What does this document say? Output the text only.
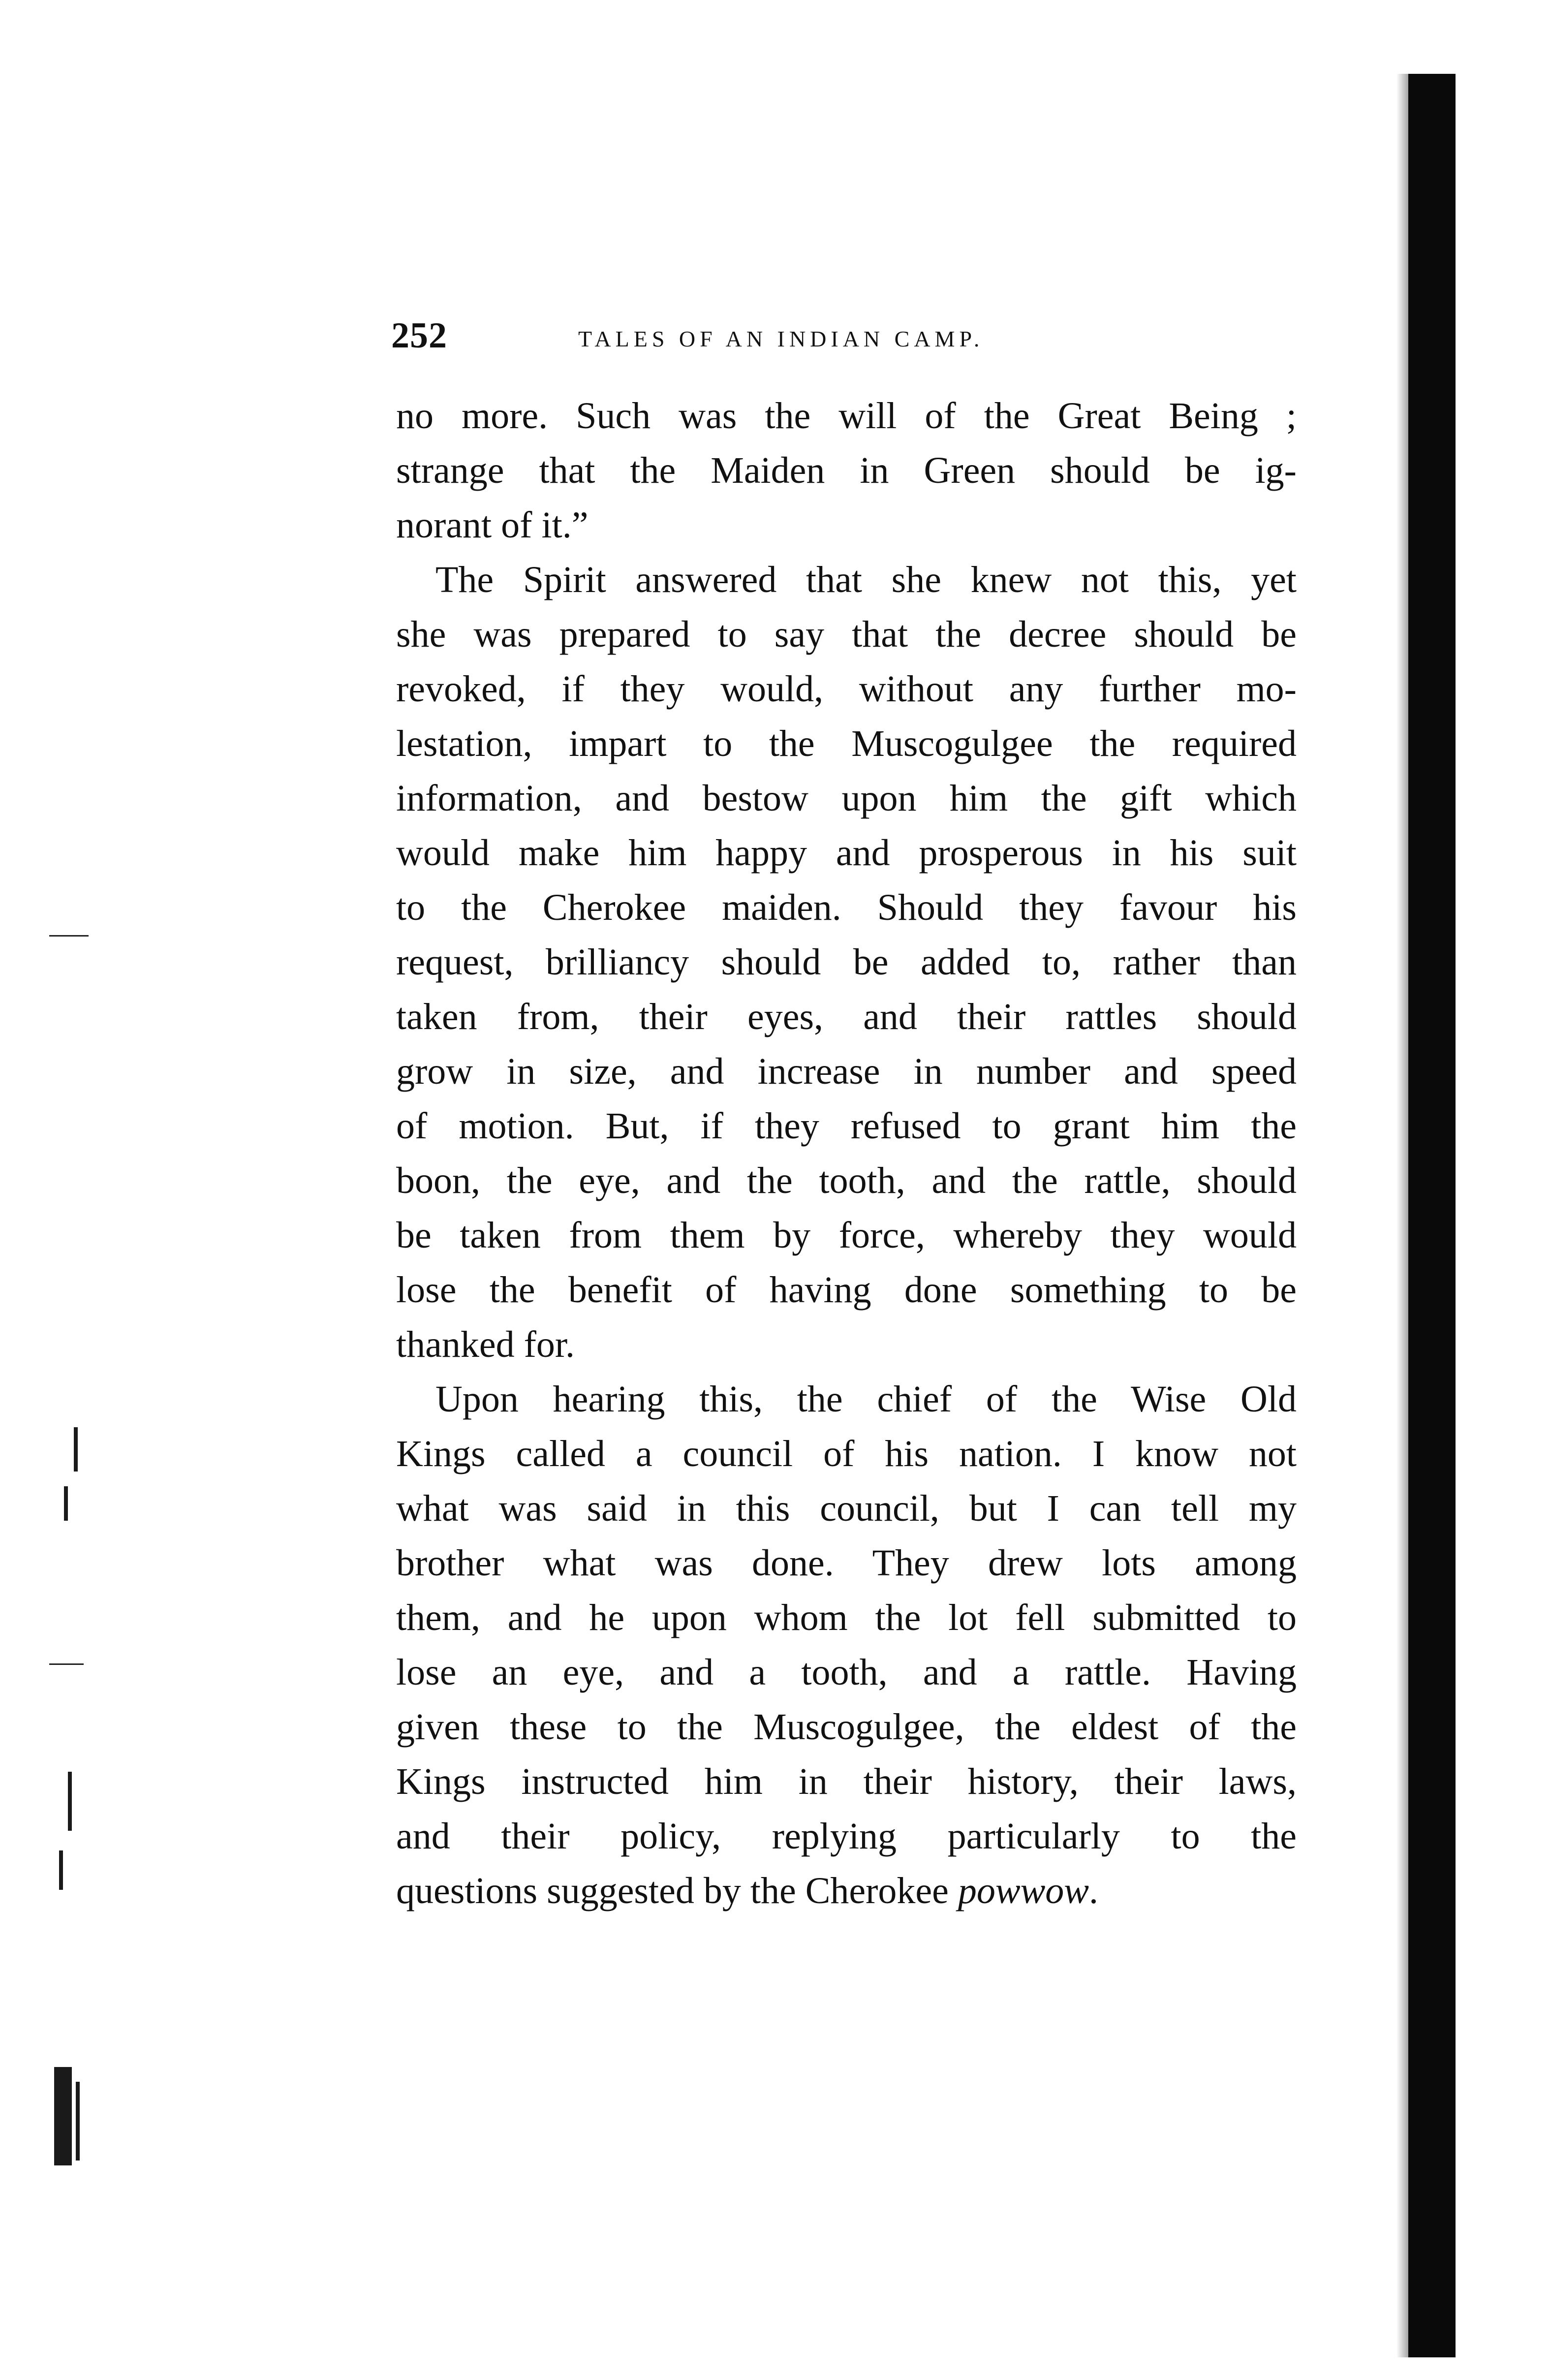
252	TALES OF AN INDIAN CAMP.
no more. Such was the will of the Great Being ;
strange that the Maiden in Green should be ig-
norant of it.”
The Spirit answered that she knew not this, yet
she was prepared to say that the decree should be
revoked, if they would, without any further mo-
lestation, impart to the Muscogulgee the required
information, and bestow upon him the gift which
would make him happy and prosperous in his suit
to the Cherokee maiden. Should they favour his
request, brilliancy should be added to, rather than
taken from, their eyes, and their rattles should
grow in size, and increase in number and speed
of motion. But, if they refused to grant him the
boon, the eye, and the tooth, and the rattle, should
be taken from them by force, whereby they would
lose the benefit of having done something to be
thanked for.
Upon hearing this, the chief of the Wise Old
Kings called a council of his nation. I know not
what was said in this council, but I can tell my
brother what was done. They drew lots among
them, and he upon whom the lot fell submitted to
lose an eye, and a tooth, and a rattle. Having
given these to the Muscogulgee, the eldest of the
Kings instructed him in their history, their laws,
and their policy, replying particularly to the
questions suggested by the Cherokee powwow.
